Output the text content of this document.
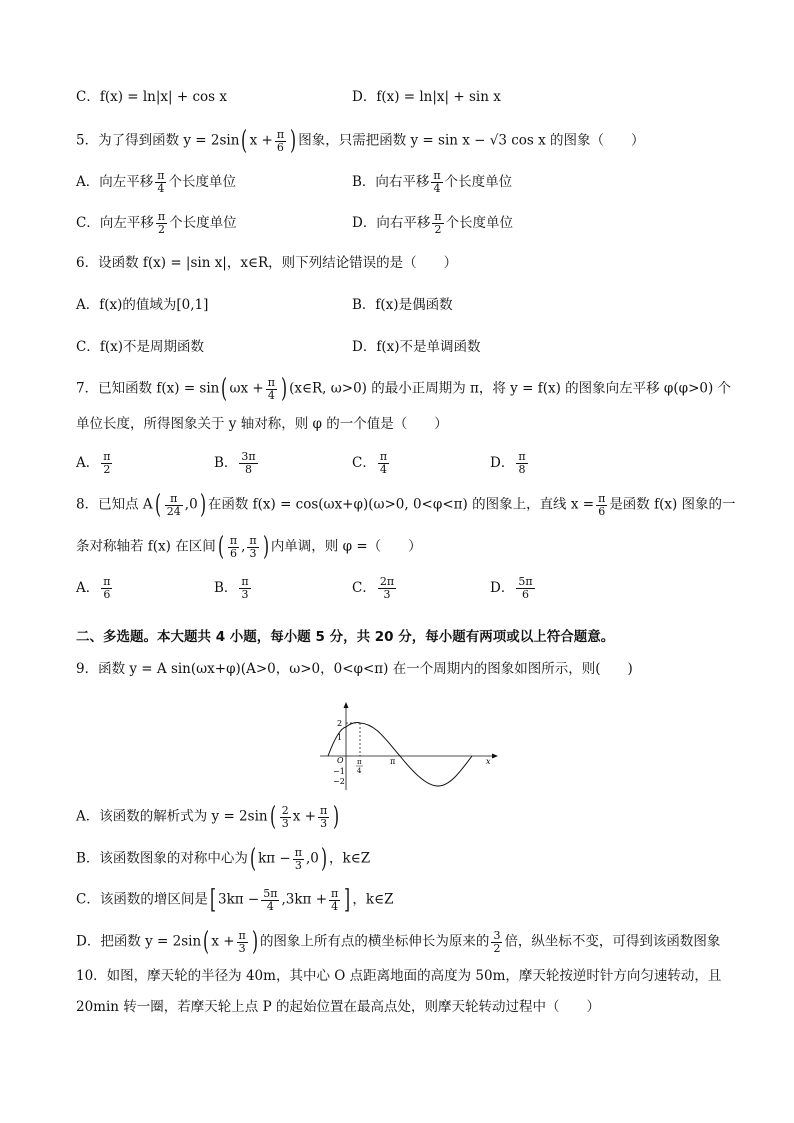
C．f(x) = ln|x| + cos x	D．f(x) = ln|x| + sin x
5．为了得到函数 y = 2sin( $x + \frac{\pi}{6}$ ) 图象，只需把函数 y = sin x − √3 cos x 的图象（　　）
A．向左平移 $\frac{\pi}{4}$ 个长度单位	B．向右平移 $\frac{\pi}{4}$ 个长度单位
C．向左平移 $\frac{\pi}{2}$ 个长度单位	D．向右平移 $\frac{\pi}{2}$ 个长度单位
6．设函数 f(x) = |sin x|，x∈R，则下列结论错误的是（　　）
A．f(x)的值域为[0,1]	B．f(x)是偶函数
C．f(x)不是周期函数	D．f(x)不是单调函数
7．已知函数 f(x) = sin( $\omega x + \frac{\pi}{4}$ ) (x∈R, ω>0) 的最小正周期为 π，将 y = f(x) 的图象向左平移 φ(φ>0) 个
单位长度，所得图象关于 y 轴对称，则 φ 的一个值是（　　）
A． $\frac{\pi}{2}$	B． $\frac{3\pi}{8}$	C． $\frac{\pi}{4}$	D． $\frac{\pi}{8}$
8．已知点 $A( \frac{\pi}{24} ,0)$ 在函数 f(x) = cos(ωx+φ)(ω>0, 0<φ<π) 的图象上，直线 $x = \frac{\pi}{6}$ 是函数 f(x) 图象的一
条对称轴若 f(x) 在区间( $\frac{\pi}{6}$ , $\frac{\pi}{3}$ ) 内单调，则 φ =（　　）
A． $\frac{\pi}{6}$	B． $\frac{\pi}{3}$	C． $\frac{2\pi}{3}$	D． $\frac{5\pi}{6}$
二、多选题。本大题共 4 小题，每小题 5 分，共 20 分，每小题有两项或以上符合题意。
9．函数 y = A sin(ωx+φ)(A>0，ω>0，0<φ<π) 在一个周期内的图象如图所示，则(　　)
2
1
O
−1
−2
π
4
π	x
A．该函数的解析式为 $y = 2\sin( \frac{2}{3}$ $x + \frac{\pi}{3}$ )
B．该函数图象的对称中心为( $k\pi - \frac{\pi}{3} ,0$) ，k∈Z
C．该函数的增区间是[ $3k\pi - \frac{5\pi}{4} ,3k\pi + \frac{\pi}{4}$ ] ，k∈Z
D．把函数 y = 2sin( $x + \frac{\pi}{3}$ ) 的图象上所有点的横坐标伸长为原来的 $\frac{3}{2}$ 倍，纵坐标不变，可得到该函数图象
10．如图，摩天轮的半径为 40m，其中心 O 点距离地面的高度为 50m，摩天轮按逆时针方向匀速转动，且
20min 转一圈，若摩天轮上点 P 的起始位置在最高点处，则摩天轮转动过程中（　　）
